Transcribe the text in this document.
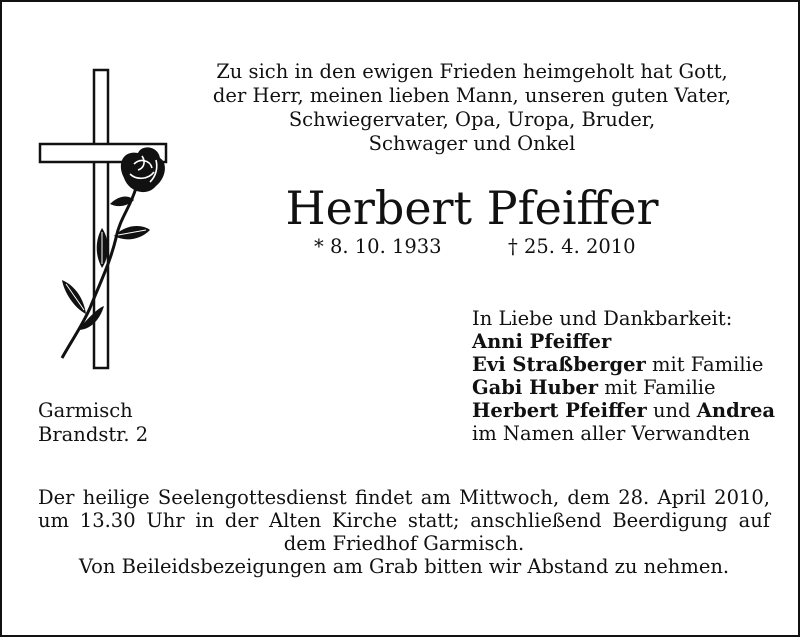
Zu sich in den ewigen Frieden heimgeholt hat Gott,
der Herr, meinen lieben Mann, unseren guten Vater,
Schwiegervater, Opa, Uropa, Bruder,
Schwager und Onkel
Herbert Pfeiffer
* 8. 10. 1933	† 25. 4. 2010
Garmisch
Brandstr. 2
In Liebe und Dankbarkeit:
Anni Pfeiffer
Evi Straßberger mit Familie
Gabi Huber mit Familie
Herbert Pfeiffer und Andrea
im Namen aller Verwandten
Der heilige Seelengottesdienst findet am Mittwoch, dem 28. April 2010,
um 13.30 Uhr in der Alten Kirche statt; anschließend Beerdigung auf
dem Friedhof Garmisch.
Von Beileidsbezeigungen am Grab bitten wir Abstand zu nehmen.
